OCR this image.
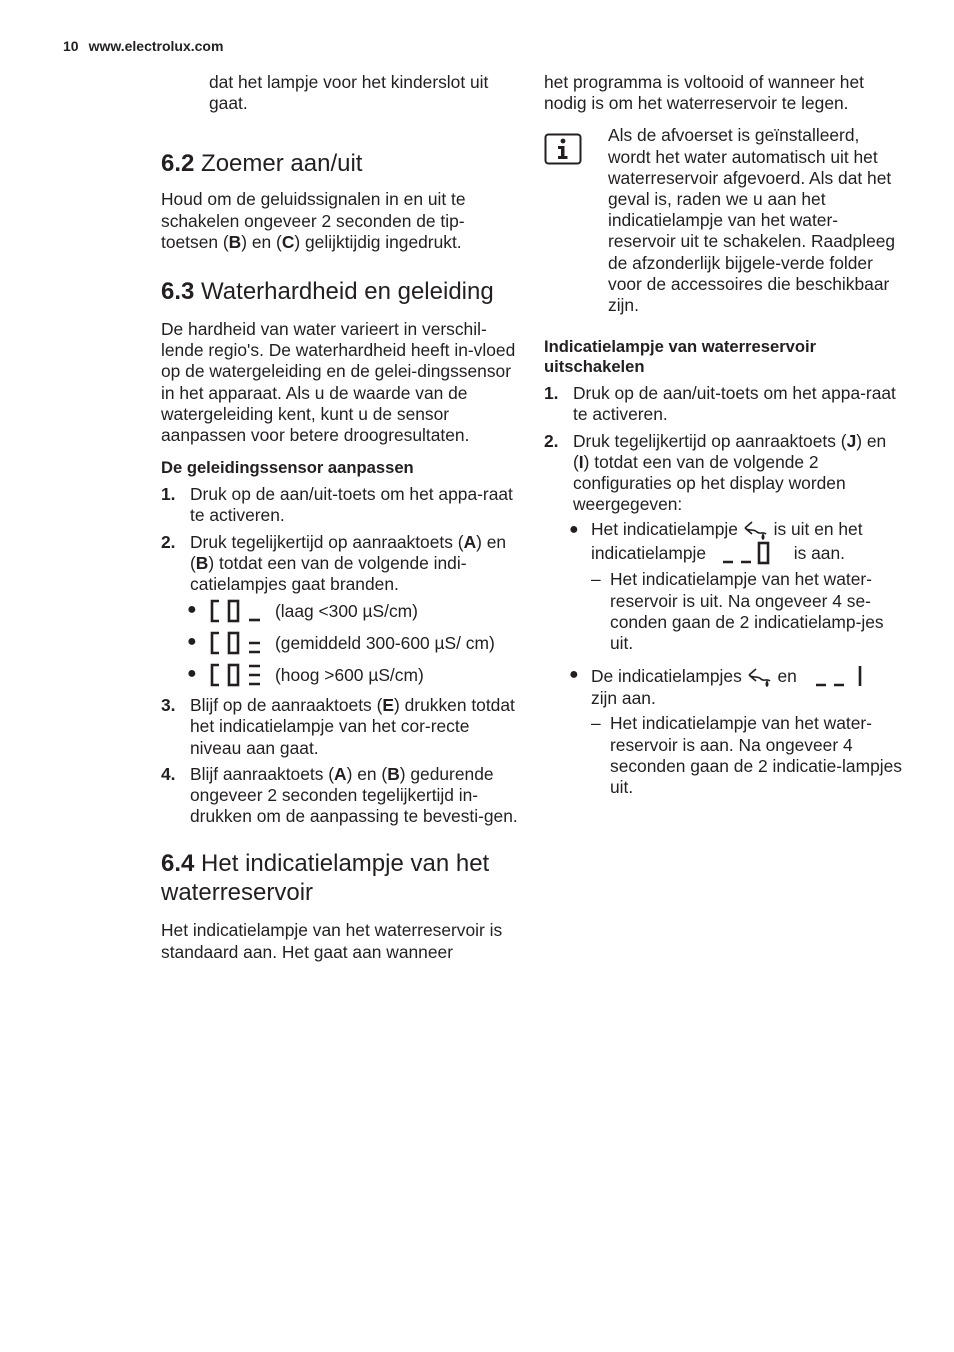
10 www.electrolux.com

dat het lampje voor het kinderslot uit gaat.

6.2 Zoemer aan/uit

Houd om de geluidssignalen in en uit te schakelen ongeveer 2 seconden de tip-toetsen (B) en (C) gelijktijdig ingedrukt.

6.3 Waterhardheid en geleiding

De hardheid van water varieert in verschil-lende regio's. De waterhardheid heeft in-vloed op de watergeleiding en de gelei-dingssensor in het apparaat. Als u de waarde van de watergeleiding kent, kunt u de sensor aanpassen voor betere droogresultaten.

De geleidingssensor aanpassen
1. Druk op de aan/uit-toets om het appa-raat te activeren.
2. Druk tegelijkertijd op aanraaktoets (A) en (B) totdat een van de volgende indi-catielampjes gaat branden.
●	(laag <300 µS/cm)
●	(gemiddeld 300-600 µS/ cm)
●	(hoog >600 µS/cm)
3. Blijf op de aanraaktoets (E) drukken totdat het indicatielampje van het cor-recte niveau aan gaat.
4. Blijf aanraaktoets (A) en (B) gedurende ongeveer 2 seconden tegelijkertijd in-drukken om de aanpassing te bevesti-gen.
6.4 Het indicatielampje van het waterreservoir

Het indicatielampje van het waterreservoir is standaard aan. Het gaat aan wanneer

het programma is voltooid of wanneer het nodig is om het waterreservoir te legen.

Als de afvoerset is geïnstalleerd, wordt het water automatisch uit het waterreservoir afgevoerd. Als dat het geval is, raden we u aan het indicatielampje van het water-reservoir uit te schakelen. Raadpleeg de afzonderlijk bijgele-verde folder voor de accessoires die beschikbaar zijn.

Indicatielampje van waterreservoir uitschakelen
1. Druk op de aan/uit-toets om het appa-raat te activeren.
2. Druk tegelijkertijd op aanraaktoets (J) en (I) totdat een van de volgende 2 configuraties op het display worden weergegeven:
● Het indicatielampje is uit en het indicatielampje	is aan.
– Het indicatielampje van het water-reservoir is uit. Na ongeveer 4 se-conden gaan de 2 indicatielamp-jes uit.
● De indicatielampjes en
zijn aan.
– Het indicatielampje van het water-reservoir is aan. Na ongeveer 4 seconden gaan de 2 indicatie-lampjes uit.
